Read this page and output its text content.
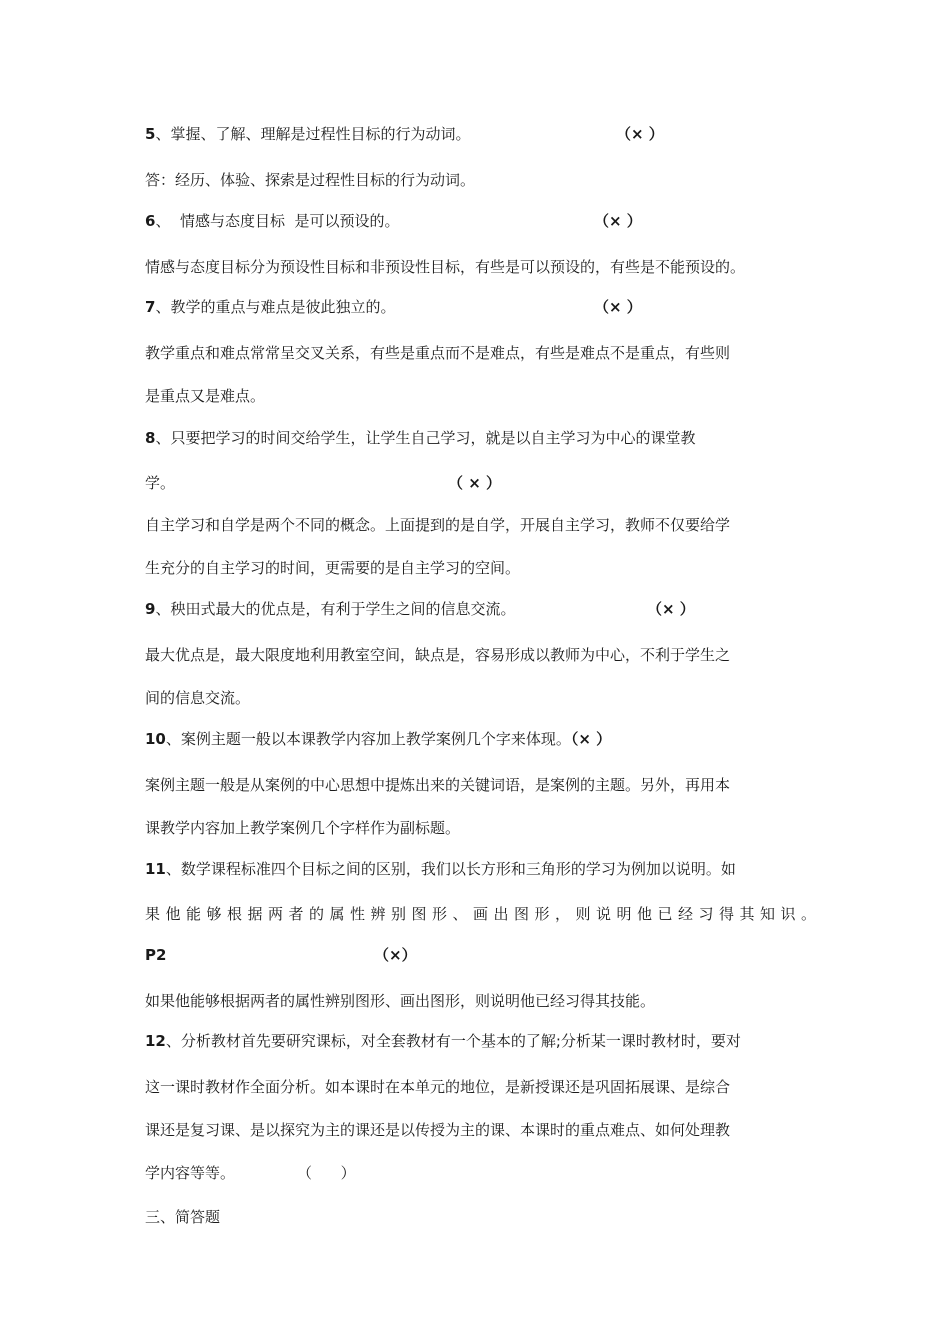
5、掌握、了解、理解是过程性目标的行为动词。	（× ）
答：经历、体验、探索是过程性目标的行为动词。
6、  情感与态度目标  是可以预设的。	（× ）
情感与态度目标分为预设性目标和非预设性目标，有些是可以预设的，有些是不能预设的。
7、教学的重点与难点是彼此独立的。	（× ）
教学重点和难点常常呈交叉关系，有些是重点而不是难点，有些是难点不是重点，有些则
是重点又是难点。
8、只要把学习的时间交给学生，让学生自己学习，就是以自主学习为中心的课堂教
学。	（ × ）
自主学习和自学是两个不同的概念。上面提到的是自学，开展自主学习，教师不仅要给学
生充分的自主学习的时间，更需要的是自主学习的空间。
9、秧田式最大的优点是，有利于学生之间的信息交流。	（× ）
最大优点是，最大限度地利用教室空间，缺点是，容易形成以教师为中心，不利于学生之
间的信息交流。
10、案例主题一般以本课教学内容加上教学案例几个字来体现。（× ）
案例主题一般是从案例的中心思想中提炼出来的关键词语，是案例的主题。另外，再用本
课教学内容加上教学案例几个字样作为副标题。
11、数学课程标准四个目标之间的区别，我们以长方形和三角形的学习为例加以说明。如
果他能够根据两者的属性辨别图形、画出图形，则说明他已经习得其知识。
P2	（×）
如果他能够根据两者的属性辨别图形、画出图形，则说明他已经习得其技能。
12、分析教材首先要研究课标，对全套教材有一个基本的了解;分析某一课时教材时，要对
这一课时教材作全面分析。如本课时在本单元的地位，是新授课还是巩固拓展课、是综合
课还是复习课、是以探究为主的课还是以传授为主的课、本课时的重点难点、如何处理教
学内容等等。	（      ）
三、简答题
